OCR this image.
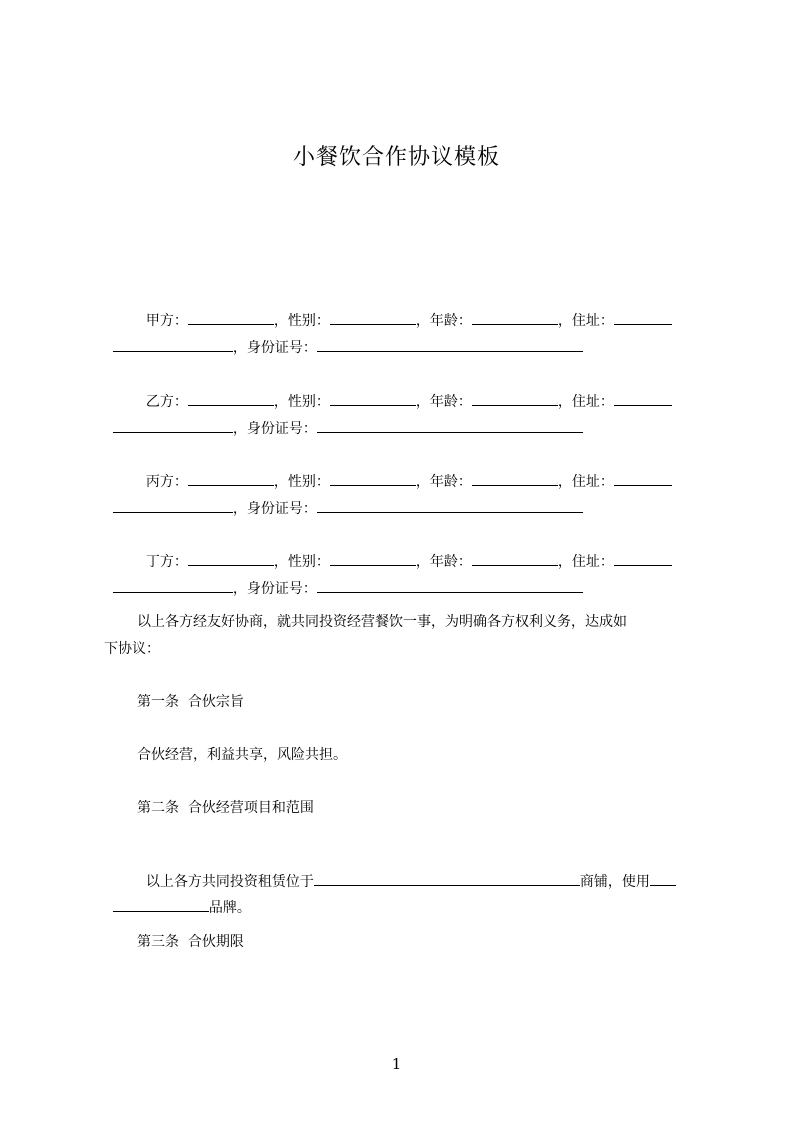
小餐饮合作协议模板

甲方：	，性别：	，年龄：	，住址：

，身份证号：

乙方：	，性别：	，年龄：	，住址：

，身份证号：

丙方：	，性别：	，年龄：	，住址：

，身份证号：

丁方：	，性别：	，年龄：	，住址：

，身份证号：

以上各方经友好协商，就共同投资经营餐饮一事，为明确各方权利义务，达成如
下协议：
第一条  合伙宗旨
合伙经营，利益共享，风险共担。
第二条  合伙经营项目和范围

以上各方共同投资租赁位于	商铺，使用

品牌。

第三条  合伙期限
1
